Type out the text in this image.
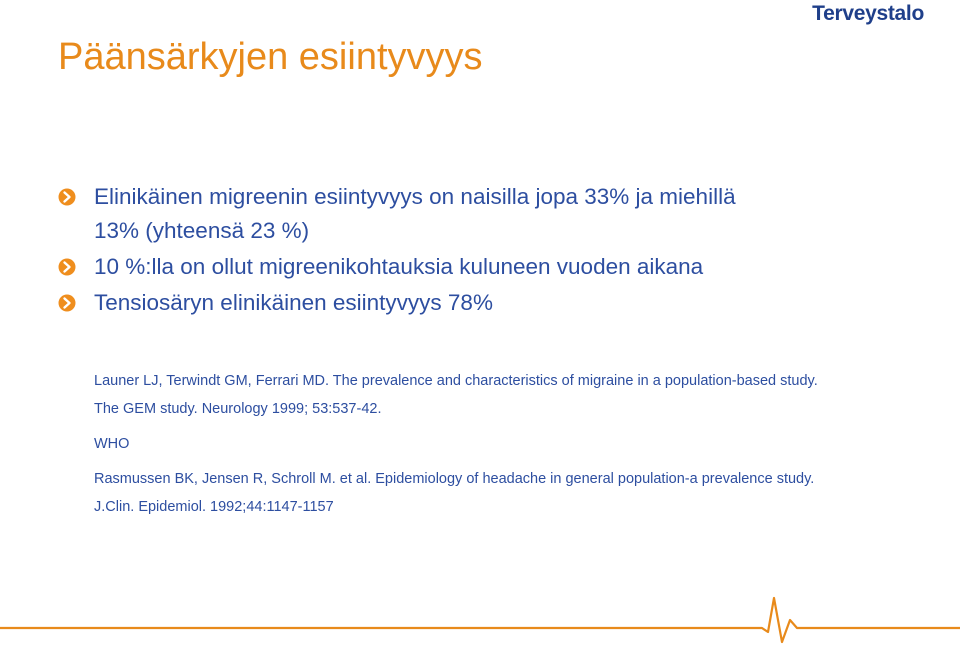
Terveystalo
Päänsärkyjen esiintyvyys
Elinikäinen migreenin esiintyvyys on naisilla jopa 33% ja miehillä
13% (yhteensä 23 %)
10 %:lla on ollut migreenikohtauksia kuluneen vuoden aikana
Tensiosäryn elinikäinen esiintyvyys 78%
Launer LJ, Terwindt GM, Ferrari MD. The prevalence and characteristics of migraine in a population-based study.
The GEM study. Neurology 1999; 53:537-42.
WHO
Rasmussen BK, Jensen R, Schroll M. et al. Epidemiology of headache in general population-a prevalence study.
J.Clin. Epidemiol. 1992;44:1147-1157
